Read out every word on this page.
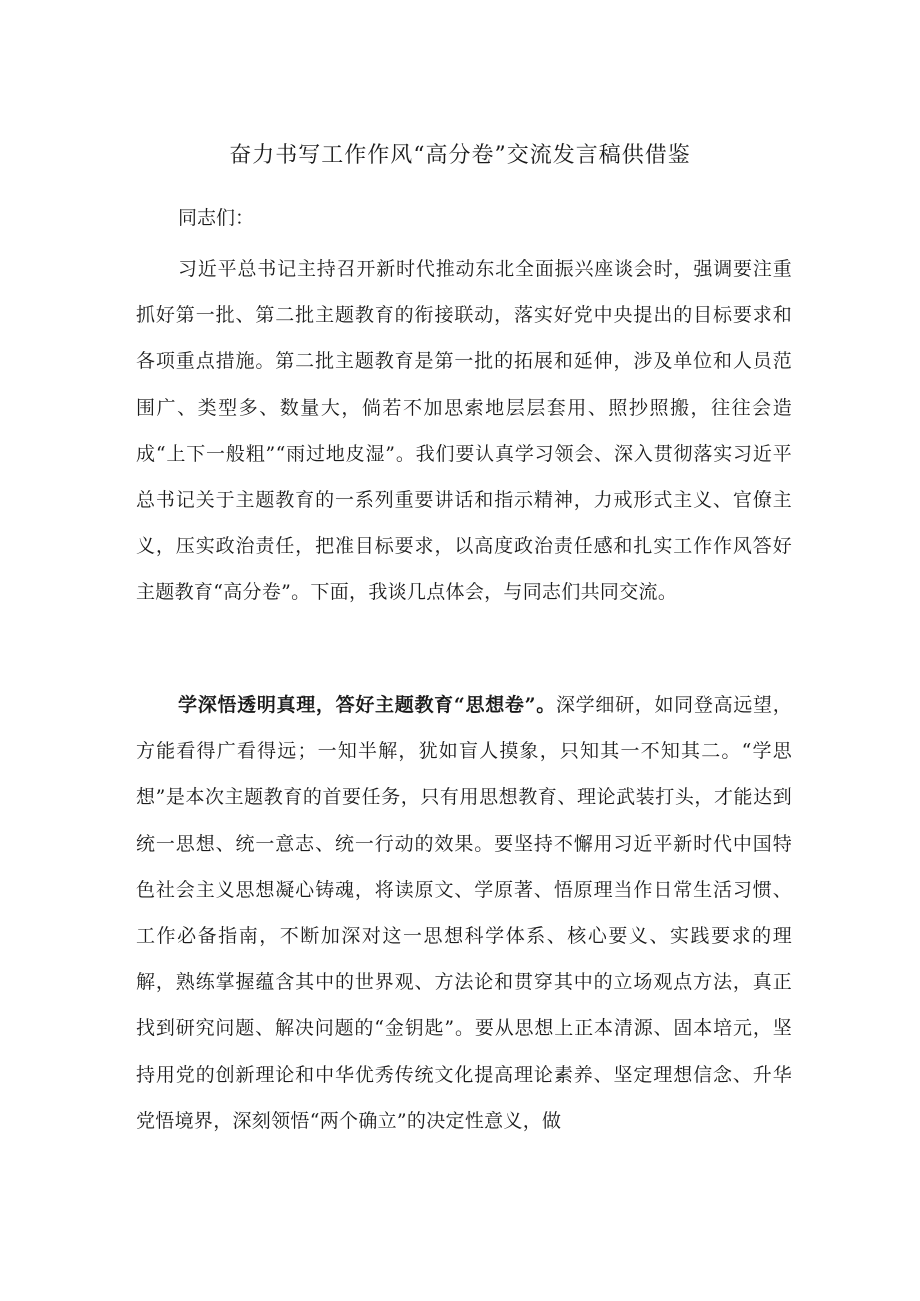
奋力书写工作作风“高分卷”交流发言稿供借鉴
同志们：

习近平总书记主持召开新时代推动东北全面振兴座谈会时，强调要注重抓好第一批、第二批主题教育的衔接联动，落实好党中央提出的目标要求和各项重点措施。第二批主题教育是第一批的拓展和延伸，涉及单位和人员范围广、类型多、数量大，倘若不加思索地层层套用、照抄照搬，往往会造成“上下一般粗”“雨过地皮湿”。我们要认真学习领会、深入贯彻落实习近平总书记关于主题教育的一系列重要讲话和指示精神，力戒形式主义、官僚主义，压实政治责任，把准目标要求，以高度政治责任感和扎实工作作风答好主题教育“高分卷”。下面，我谈几点体会，与同志们共同交流。

学深悟透明真理，答好主题教育“思想卷”。深学细研，如同登高远望，方能看得广看得远；一知半解，犹如盲人摸象，只知其一不知其二。“学思想”是本次主题教育的首要任务，只有用思想教育、理论武装打头，才能达到统一思想、统一意志、统一行动的效果。要坚持不懈用习近平新时代中国特色社会主义思想凝心铸魂，将读原文、学原著、悟原理当作日常生活习惯、工作必备指南，不断加深对这一思想科学体系、核心要义、实践要求的理解，熟练掌握蕴含其中的世界观、方法论和贯穿其中的立场观点方法，真正找到研究问题、解决问题的“金钥匙”。要从思想上正本清源、固本培元，坚持用党的创新理论和中华优秀传统文化提高理论素养、坚定理想信念、升华党悟境界，深刻领悟“两个确立”的决定性意义，做
